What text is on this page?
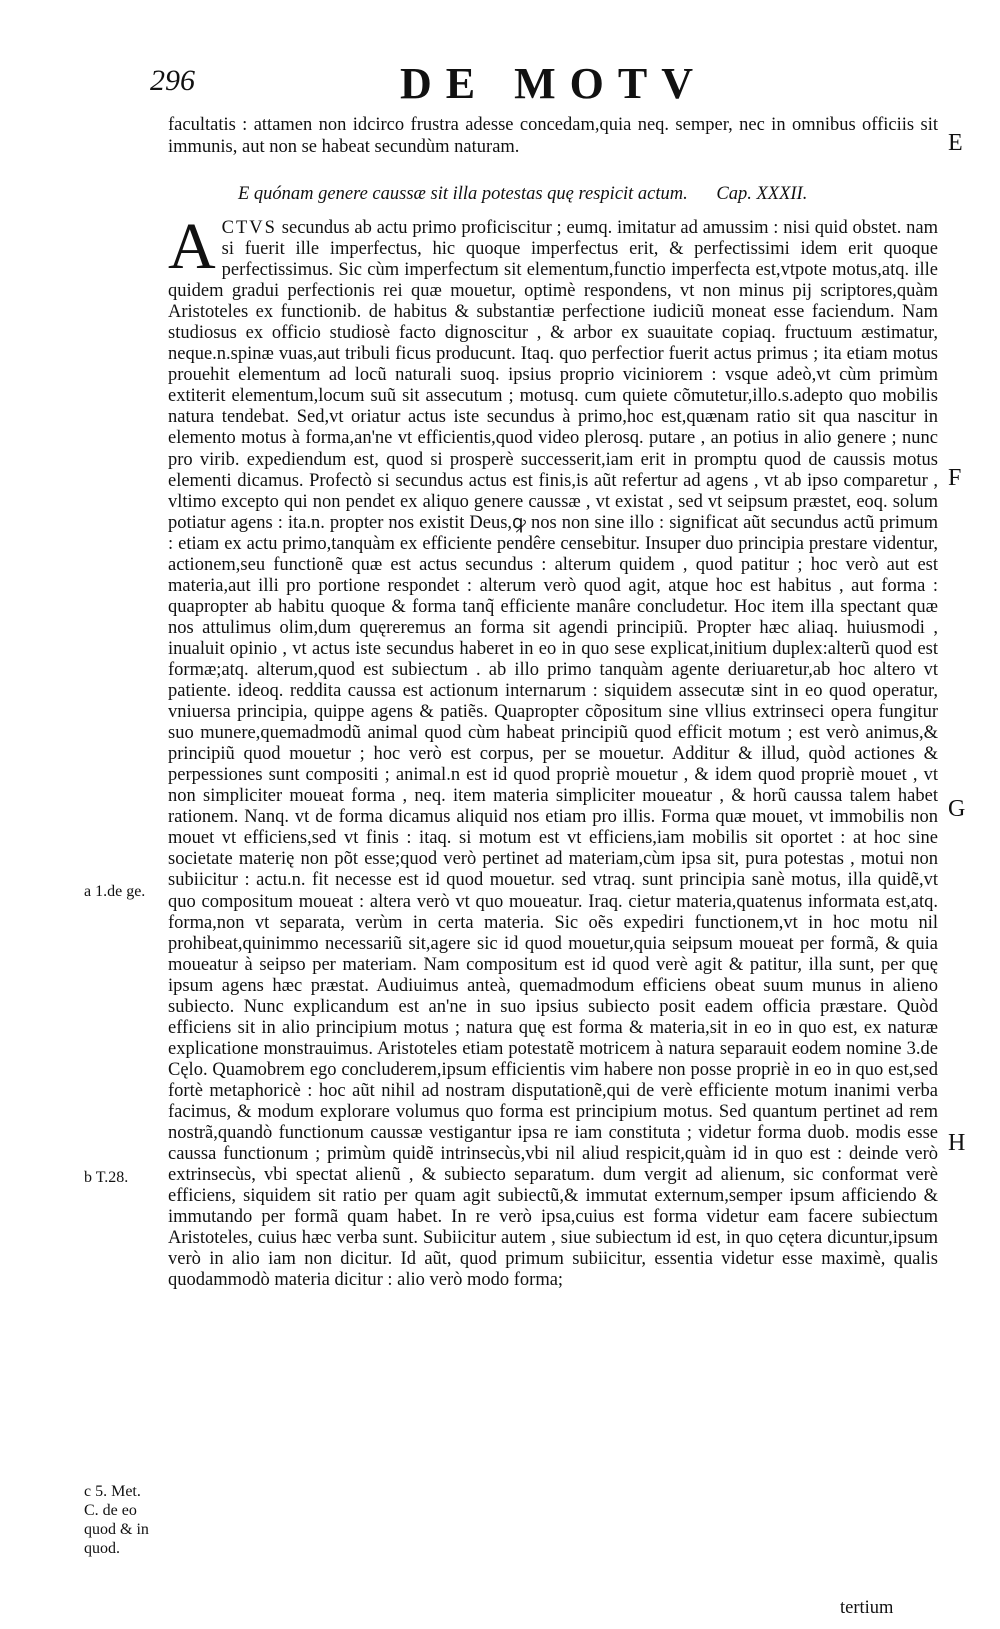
296	DE MOTV
facultatis : attamen non idcirco frustra adesse concedam,quia neq. semper, nec in omnibus officiis sit immunis, aut non se habeat secundùm naturam.
E quónam genere caussæ sit illa potestas quę respicit actum. Cap. XXXII.
A CTVS secundus ab actu primo proficiscitur ; eumq. imitatur ad amussim : nisi quid obstet. nam si fuerit ille imperfectus, hic quoque imperfectus erit, & perfectissimi idem erit quoque perfectissimus. Sic cùm imperfectum sit elementum,functio imperfecta est,vtpote motus,atq. ille quidem gradui perfectionis rei quæ mouetur, optimè respondens, vt non minus pij scriptores,quàm Aristoteles ex functionib. de habitus & substantiæ perfectione iudiciũ moneat esse faciendum. Nam studiosus ex officio studiosè facto dignoscitur , & arbor ex suauitate copiaq. fructuum æstimatur, neque.n.spinæ vuas,aut tribuli ficus producunt. Itaq. quo perfectior fuerit actus primus ; ita etiam motus prouehit elementum ad locũ naturali suoq. ipsius proprio viciniorem : vsque adeò,vt cùm primùm extiterit elementum,locum suũ sit assecutum ; motusq. cum quiete cõmutetur,illo.s.adepto quo mobilis natura tendebat. Sed,vt oriatur actus iste secundus à primo,hoc est,quænam ratio sit qua nascitur in elemento motus à forma,an'ne vt efficientis,quod video plerosq. putare , an potius in alio genere ; nunc pro virib. expediendum est, quod si prosperè successerit,iam erit in promptu quod de caussis motus elementi dicamus. Profectò si secundus actus est finis,is aũt refertur ad agens , vt ab ipso comparetur , vltimo excepto qui non pendet ex aliquo genere caussæ , vt existat , sed vt seipsum præstet, eoq. solum potiatur agens : ita.n. propter nos existit Deus,ꝙ nos non sine illo : significat aũt secundus actũ primum : etiam ex actu primo,tanquàm ex efficiente pendêre censebitur. Insuper duo principia prestare videntur, actionem,seu functionẽ quæ est actus secundus : alterum quidem , quod patitur ; hoc verò aut est materia,aut illi pro portione respondet : alterum verò quod agit, atque hoc est habitus , aut forma : quapropter ab habitu quoque & forma tanq̃ efficiente manâre concludetur. Hoc item illa spectant quæ nos attulimus olim,dum quęreremus an forma sit agendi principiũ. Propter hæc aliaq. huiusmodi , inualuit opinio , vt actus iste secundus haberet in eo in quo sese explicat,initium duplex:alterũ quod est formæ;atq. alterum,quod est subiectum . ab illo primo tanquàm agente deriuaretur,ab hoc altero vt patiente. ideoq. reddita caussa est actionum internarum : siquidem assecutæ sint in eo quod operatur, vniuersa principia, quippe agens & patiẽs. Quapropter cõpositum sine vllius extrinseci opera fungitur suo munere,quemadmodũ animal quod cùm habeat principiũ quod efficit motum ; est verò animus,& principiũ quod mouetur ; hoc verò est corpus, per se mouetur. Additur & illud, quòd actiones & perpessiones sunt compositi ; animal.n est id quod propriè mouetur , & idem quod propriè mouet , vt non simpliciter moueat forma , neq. item materia simpliciter moueatur , & horũ caussa talem habet rationem. Nanq. vt de forma dicamus aliquid nos etiam pro illis. Forma quæ mouet, vt immobilis non mouet vt efficiens,sed vt finis : itaq. si motum est vt efficiens,iam mobilis sit oportet : at hoc sine societate materię non põt esse;quod verò pertinet ad materiam,cùm ipsa sit, pura potestas , motui non subiicitur : actu.n. fit necesse est id quod mouetur. sed vtraq. sunt principia sanè motus, illa quidẽ,vt quo compositum moueat : altera verò vt quo moueatur. Iraq. cietur materia,quatenus informata est,atq. forma,non vt separata, verùm in certa materia. Sic oẽs expediri functionem,vt in hoc motu nil prohibeat,quinimmo necessariũ sit,agere sic id quod mouetur,quia seipsum moueat per formã, & quia moueatur à seipso per materiam. Nam compositum est id quod verè agit & patitur, illa sunt, per quę ipsum agens hæc præstat. Audiuimus anteà, quemadmodum efficiens obeat suum munus in alieno subiecto. Nunc explicandum est an'ne in suo ipsius subiecto posit eadem officia præstare. Quòd efficiens sit in alio principium motus ; natura quę est forma & materia,sit in eo in quo est, ex naturæ explicatione monstrauimus. Aristoteles etiam potestatẽ motricem à natura separauit eodem nomine 3.de Cęlo. Quamobrem ego concluderem,ipsum efficientis vim habere non posse propriè in eo in quo est,sed fortè metaphoricè : hoc aũt nihil ad nostram disputationẽ,qui de verè efficiente motum inanimi verba facimus, & modum explorare volumus quo forma est principium motus. Sed quantum pertinet ad rem nostrã,quandò functionum caussæ vestigantur ipsa re iam constituta ; videtur forma duob. modis esse caussa functionum ; primùm quidẽ intrinsecùs,vbi nil aliud respicit,quàm id in quo est : deinde verò extrinsecùs, vbi spectat alienũ , & subiecto separatum. dum vergit ad alienum, sic conformat verè efficiens, siquidem sit ratio per quam agit subiectũ,& immutat externum,semper ipsum afficiendo & immutando per formã quam habet. In re verò ipsa,cuius est forma videtur eam facere subiectum Aristoteles, cuius hæc verba sunt. Subiicitur autem , siue subiectum id est, in quo cętera dicuntur,ipsum verò in alio iam non dicitur. Id aũt, quod primum subiicitur, essentia videtur esse maximè, qualis quodammodò materia dicitur : alio verò modo forma;
E
F
G
H
a 1.de ge.
b T.28.
c 5. Met. C. de eo quod & in quod.
tertium
